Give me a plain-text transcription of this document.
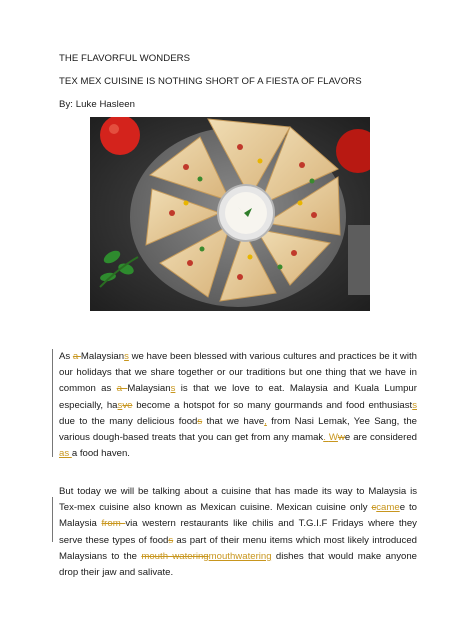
THE FLAVORFUL WONDERS
TEX MEX CUISINE IS NOTHING SHORT OF A FIESTA OF FLAVORS
By: Luke Hasleen
As a Malaysians we have been blessed with various cultures and practices be it with our holidays that we share together or our traditions but one thing that we have in common as a Malaysians is that we love to eat. Malaysia and Kuala Lumpur especially, hasve become a hotspot for so many gourmands and food enthusiasts due to the many delicious foods that we have, from Nasi Lemak, Yee Sang, the various dough-based treats that you can get from any mamak. Wwe are considered as a food haven.
But today we will be talking about a cuisine that has made its way to Malaysia is Tex-mex cuisine also known as Mexican cuisine. Mexican cuisine only ccamee to Malaysia from via western restaurants like chilis and T.G.I.F Fridays where they serve these types of foods as part of their menu items which most likely introduced Malaysians to the mouth wateringmouthwatering dishes that would make anyone drop their jaw and salivate.
